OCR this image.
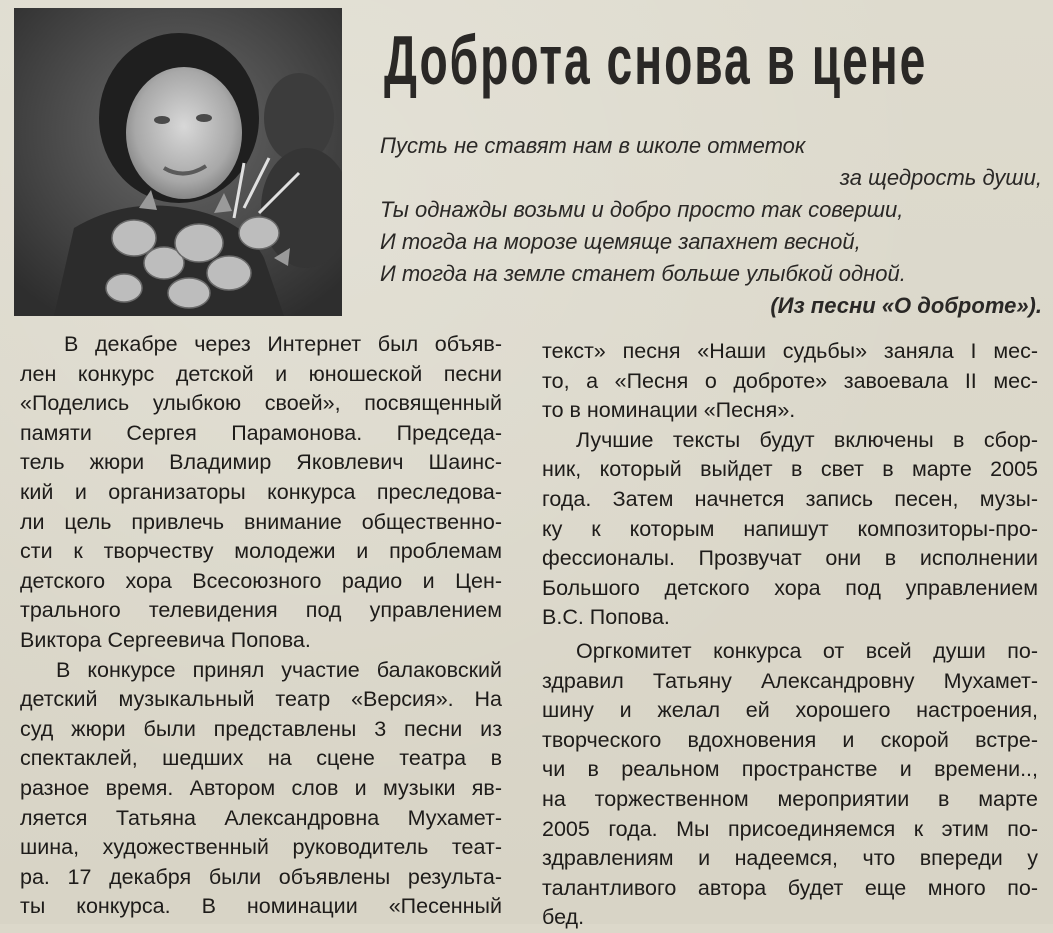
Доброта снова в цене
Пусть не ставят нам в школе отметок
за щедрость души,
Ты однажды возьми и добро просто так соверши,
И тогда на морозе щемяще запахнет весной,
И тогда на земле станет больше улыбкой одной.
(Из песни «О доброте»).
В декабре через Интернет был объяв-
лен конкурс детской и юношеской песни
«Поделись улыбкою своей», посвященный
памяти Сергея Парамонова. Председа-
тель жюри Владимир Яковлевич Шаинс-
кий и организаторы конкурса преследова-
ли цель привлечь внимание общественно-
сти к творчеству молодежи и проблемам
детского хора Всесоюзного радио и Цен-
трального телевидения под управлением
Виктора Сергеевича Попова.
В конкурсе принял участие балаковский
детский музыкальный театр «Версия». На
суд жюри были представлены 3 песни из
спектаклей, шедших на сцене театра в
разное время. Автором слов и музыки яв-
ляется Татьяна Александровна Мухамет-
шина, художественный руководитель теат-
ра. 17 декабря были объявлены результа-
ты конкурса. В номинации «Песенный
текст» песня «Наши судьбы» заняла I мес-
то, а «Песня о доброте» завоевала II мес-
то в номинации «Песня».
Лучшие тексты будут включены в сбор-
ник, который выйдет в свет в марте 2005
года. Затем начнется запись песен, музы-
ку к которым напишут композиторы-про-
фессионалы. Прозвучат они в исполнении
Большого детского хора под управлением
В.С. Попова.
Оргкомитет конкурса от всей души по-
здравил Татьяну Александровну Мухамет-
шину и желал ей хорошего настроения,
творческого вдохновения и скорой встре-
чи в реальном пространстве и времени..,
на торжественном мероприятии в марте
2005 года. Мы присоединяемся к этим по-
здравлениям и надеемся, что впереди у
талантливого автора будет еще много по-
бед.
